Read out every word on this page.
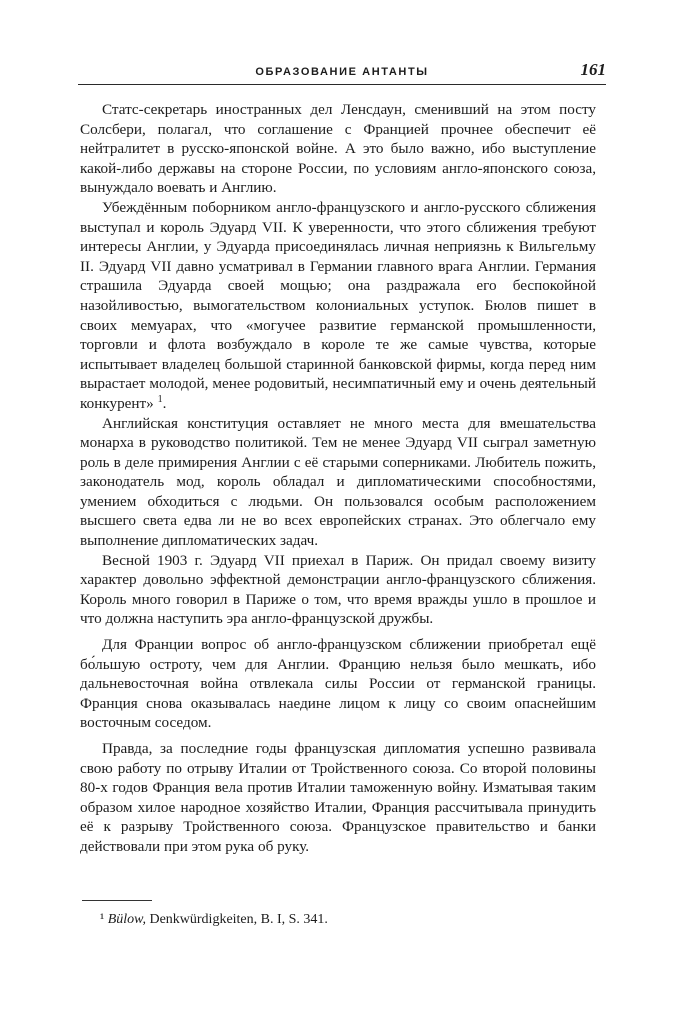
ОБРАЗОВАНИЕ АНТАНТЫ	161

Статс-секретарь иностранных дел Ленсдаун, сменивший на этом посту Солсбери, полагал, что соглашение с Францией прочнее обеспечит её нейтралитет в русско-японской войне. А это было важно, ибо выступление какой-либо державы на стороне России, по условиям англо-японского союза, вынуждало воевать и Англию.

Убеждённым поборником англо-французского и англо-русского сближения выступал и король Эдуард VII. К уверенности, что этого сближения требуют интересы Англии, у Эдуарда присоединялась личная неприязнь к Вильгельму II. Эдуард VII давно усматривал в Германии главного врага Англии. Германия страшила Эдуарда своей мощью; она раздражала его беспокойной назойливостью, вымогательством колониальных уступок. Бюлов пишет в своих мемуарах, что «могучее развитие германской промышленности, торговли и флота возбуждало в короле те же самые чувства, которые испытывает владелец большой старинной банковской фирмы, когда перед ним вырастает молодой, менее родовитый, несимпатичный ему и очень деятельный конкурент» $^1$.

Английская конституция оставляет не много места для вмешательства монарха в руководство политикой. Тем не менее Эдуард VII сыграл заметную роль в деле примирения Англии с её старыми соперниками. Любитель пожить, законодатель мод, король обладал и дипломатическими способностями, умением обходиться с людьми. Он пользовался особым расположением высшего света едва ли не во всех европейских странах. Это облегчало ему выполнение дипломатических задач.

Весной 1903 г. Эдуард VII приехал в Париж. Он придал своему визиту характер довольно эффектной демонстрации англо-французского сближения. Король много говорил в Париже о том, что время вражды ушло в прошлое и что должна наступить эра англо-французской дружбы.

Для Франции вопрос об англо-французском сближении приобретал ещё бо́льшую остроту, чем для Англии. Францию нельзя было мешкать, ибо дальневосточная война отвлекала силы России от германской границы. Франция снова оказывалась наедине лицом к лицу со своим опаснейшим восточным соседом.

Правда, за последние годы французская дипломатия успешно развивала свою работу по отрыву Италии от Тройственного союза. Со второй половины 80-х годов Франция вела против Италии таможенную войну. Изматывая таким образом хилое народное хозяйство Италии, Франция рассчитывала принудить её к разрыву Тройственного союза. Французское правительство и банки действовали при этом рука об руку.

¹ Bülow, Denkwürdigkeiten, B. I, S. 341.
